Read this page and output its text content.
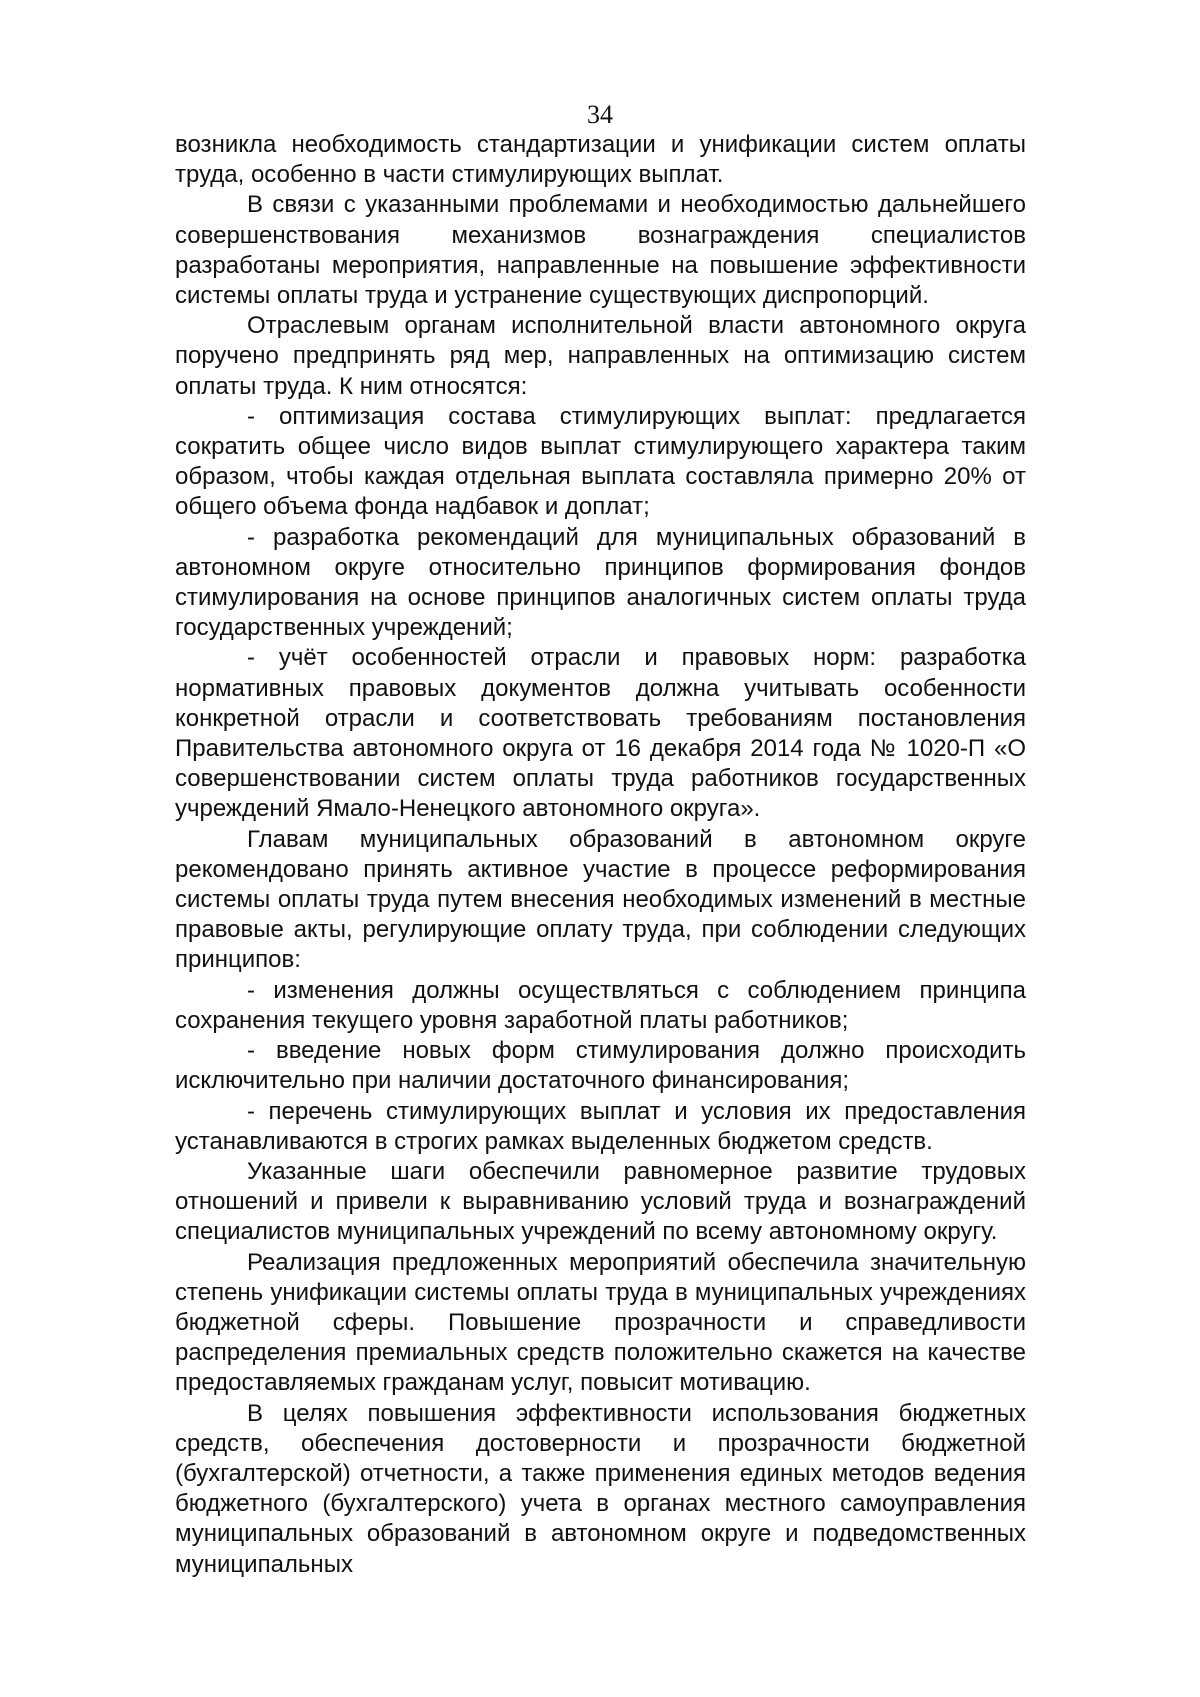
34

возникла необходимость стандартизации и унификации систем оплаты труда, особенно в части стимулирующих выплат.

В связи с указанными проблемами и необходимостью дальнейшего совершенствования механизмов вознаграждения специалистов разработаны мероприятия, направленные на повышение эффективности системы оплаты труда и устранение существующих диспропорций.

Отраслевым органам исполнительной власти автономного округа поручено предпринять ряд мер, направленных на оптимизацию систем оплаты труда. К ним относятся:

- оптимизация состава стимулирующих выплат: предлагается сократить общее число видов выплат стимулирующего характера таким образом, чтобы каждая отдельная выплата составляла примерно 20% от общего объема фонда надбавок и доплат;

- разработка рекомендаций для муниципальных образований в автономном округе относительно принципов формирования фондов стимулирования на основе принципов аналогичных систем оплаты труда государственных учреждений;

- учёт особенностей отрасли и правовых норм: разработка нормативных правовых документов должна учитывать особенности конкретной отрасли и соответствовать требованиям постановления Правительства автономного округа от 16 декабря 2014 года № 1020-П «О совершенствовании систем оплаты труда работников государственных учреждений Ямало-Ненецкого автономного округа».

Главам муниципальных образований в автономном округе рекомендовано принять активное участие в процессе реформирования системы оплаты труда путем внесения необходимых изменений в местные правовые акты, регулирующие оплату труда, при соблюдении следующих принципов:

- изменения должны осуществляться с соблюдением принципа сохранения текущего уровня заработной платы работников;

- введение новых форм стимулирования должно происходить исключительно при наличии достаточного финансирования;

- перечень стимулирующих выплат и условия их предоставления устанавливаются в строгих рамках выделенных бюджетом средств.

Указанные шаги обеспечили равномерное развитие трудовых отношений и привели к выравниванию условий труда и вознаграждений специалистов муниципальных учреждений по всему автономному округу.

Реализация предложенных мероприятий обеспечила значительную степень унификации системы оплаты труда в муниципальных учреждениях бюджетной сферы. Повышение прозрачности и справедливости распределения премиальных средств положительно скажется на качестве предоставляемых гражданам услуг, повысит мотивацию.

В целях повышения эффективности использования бюджетных средств, обеспечения достоверности и прозрачности бюджетной (бухгалтерской) отчетности, а также применения единых методов ведения бюджетного (бухгалтерского) учета в органах местного самоуправления муниципальных образований в автономном округе и подведомственных муниципальных
